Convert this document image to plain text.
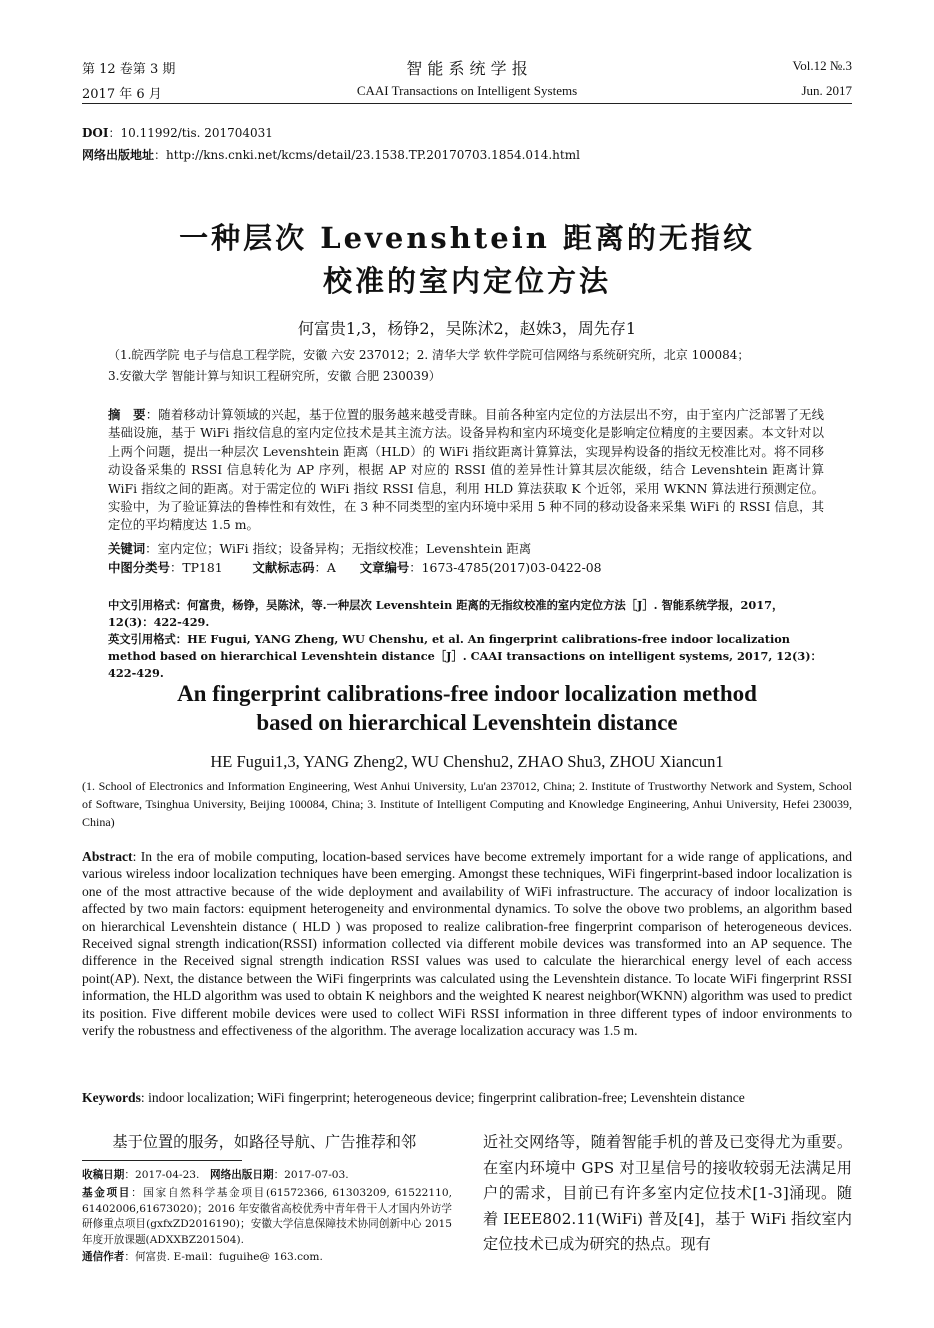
第 12 卷第 3 期
2017 年 6 月
智 能 系 统 学 报
CAAI Transactions on Intelligent Systems
Vol.12 №.3
Jun. 2017
DOI：10.11992/tis. 201704031
网络出版地址：http://kns.cnki.net/kcms/detail/23.1538.TP.20170703.1854.014.html
一种层次 Levenshtein 距离的无指纹
校准的室内定位方法
何富贵1,3，杨铮2，吴陈沭2，赵姝3，周先存1
（1.皖西学院 电子与信息工程学院，安徽 六安 237012；2. 清华大学 软件学院可信网络与系统研究所，北京 100084；
3.安徽大学 智能计算与知识工程研究所，安徽 合肥 230039）
摘　要：随着移动计算领域的兴起，基于位置的服务越来越受青睐。目前各种室内定位的方法层出不穷，由于室内广泛部署了无线基础设施，基于 WiFi 指纹信息的室内定位技术是其主流方法。设备异构和室内环境变化是影响定位精度的主要因素。本文针对以上两个问题，提出一种层次 Levenshtein 距离（HLD）的 WiFi 指纹距离计算算法，实现异构设备的指纹无校准比对。将不同移动设备采集的 RSSI 信息转化为 AP 序列，根据 AP 对应的 RSSI 值的差异性计算其层次能级，结合 Levenshtein 距离计算 WiFi 指纹之间的距离。对于需定位的 WiFi 指纹 RSSI 信息，利用 HLD 算法获取 K 个近邻，采用 WKNN 算法进行预测定位。实验中，为了验证算法的鲁棒性和有效性，在 3 种不同类型的室内环境中采用 5 种不同的移动设备来采集 WiFi 的 RSSI 信息，其定位的平均精度达 1.5 m。
关键词：室内定位；WiFi 指纹；设备异构；无指纹校准；Levenshtein 距离
中图分类号：TP181 文献标志码：A 文章编号：1673-4785(2017)03-0422-08
中文引用格式：何富贵，杨铮，吴陈沭，等.一种层次 Levenshtein 距离的无指纹校准的室内定位方法［J］. 智能系统学报，2017，12(3)：422-429.
英文引用格式：HE Fugui, YANG Zheng, WU Chenshu, et al. An fingerprint calibrations-free indoor localization method based on hierarchical Levenshtein distance［J］. CAAI transactions on intelligent systems, 2017, 12(3)：422-429.
An fingerprint calibrations-free indoor localization method
based on hierarchical Levenshtein distance
HE Fugui1,3, YANG Zheng2, WU Chenshu2, ZHAO Shu3, ZHOU Xiancun1
(1. School of Electronics and Information Engineering, West Anhui University, Lu'an 237012, China; 2. Institute of Trustworthy Network and System, School of Software, Tsinghua University, Beijing 100084, China; 3. Institute of Intelligent Computing and Knowledge Engineering, Anhui University, Hefei 230039, China)
Abstract: In the era of mobile computing, location-based services have become extremely important for a wide range of applications, and various wireless indoor localization techniques have been emerging. Amongst these techniques, WiFi fingerprint-based indoor localization is one of the most attractive because of the wide deployment and availability of WiFi infrastructure. The accuracy of indoor localization is affected by two main factors: equipment heterogeneity and environmental dynamics. To solve the obove two problems, an algorithm based on hierarchical Levenshtein distance ( HLD ) was proposed to realize calibration-free fingerprint comparison of heterogeneous devices. Received signal strength indication(RSSI) information collected via different mobile devices was transformed into an AP sequence. The difference in the Received signal strength indication RSSI values was used to calculate the hierarchical energy level of each access point(AP). Next, the distance between the WiFi fingerprints was calculated using the Levenshtein distance. To locate WiFi fingerprint RSSI information, the HLD algorithm was used to obtain K neighbors and the weighted K nearest neighbor(WKNN) algorithm was used to predict its position. Five different mobile devices were used to collect WiFi RSSI information in three different types of indoor environments to verify the robustness and effectiveness of the algorithm. The average localization accuracy was 1.5 m.
Keywords: indoor localization; WiFi fingerprint; heterogeneous device; fingerprint calibration-free; Levenshtein distance
基于位置的服务，如路径导航、广告推荐和邻
收稿日期：2017-04-23.　网络出版日期：2017-07-03.
基金项目：国家自然科学基金项目(61572366, 61303209, 61522110, 61402006,61673020)；2016 年安徽省高校优秀中青年骨干人才国内外访学研修重点项目(gxfxZD2016190)；安徽大学信息保障技术协同创新中心 2015 年度开放课题(ADXXBZ201504).
通信作者：何富贵. E-mail：fuguihe@ 163.com.
近社交网络等，随着智能手机的普及已变得尤为重要。在室内环境中 GPS 对卫星信号的接收较弱无法满足用户的需求，目前已有许多室内定位技术[1-3]涌现。随着 IEEE802.11(WiFi) 普及[4]，基于 WiFi 指纹室内定位技术已成为研究的热点。现有
